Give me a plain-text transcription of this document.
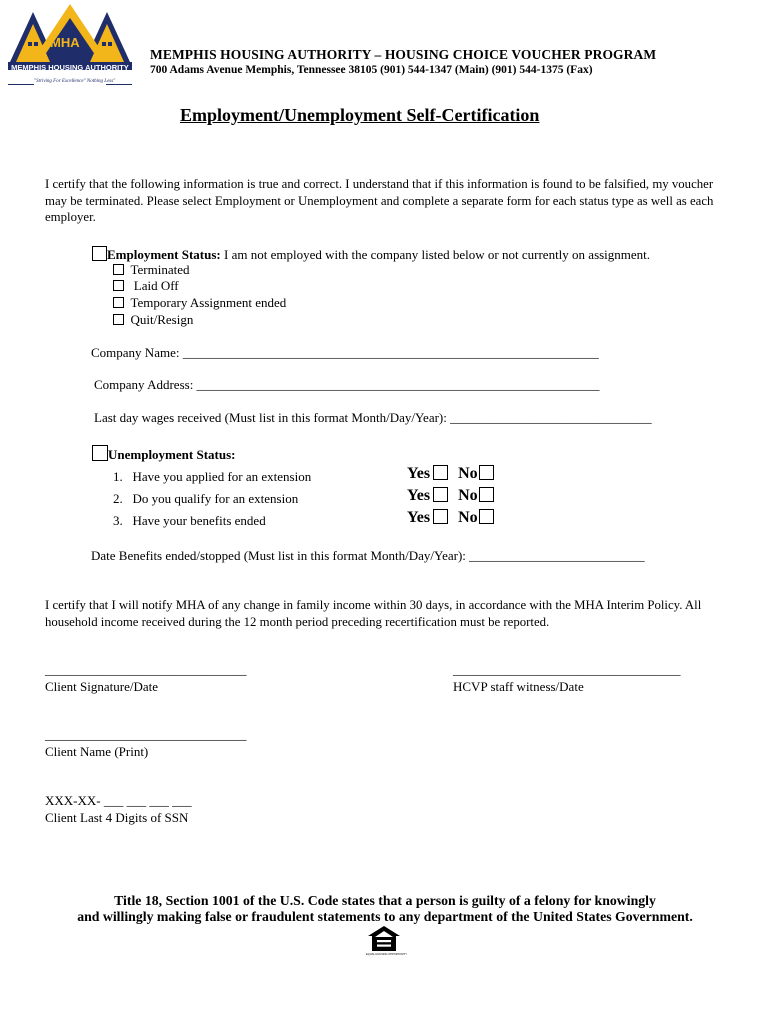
MHA
MEMPHIS HOUSING AUTHORITY
"Striving For Excellence" Nothing Less"
MEMPHIS HOUSING AUTHORITY – HOUSING CHOICE VOUCHER PROGRAM
700 Adams Avenue Memphis, Tennessee 38105 (901) 544-1347 (Main) (901) 544-1375 (Fax)
Employment/Unemployment Self-Certification
I certify that the following information is true and correct. I understand that if this information is found to be falsified, my voucher may be terminated. Please select Employment or Unemployment and complete a separate form for each status type as well as each employer.
Employment Status: I am not employed with the company listed below or not currently on assignment.
Terminated
Laid Off
Temporary Assignment ended
Quit/Resign
Company Name: ________________________________________________________________
Company Address: ______________________________________________________________
Last day wages received (Must list in this format Month/Day/Year): _______________________________
Unemployment Status:
1. Have you applied for an extension
2. Do you qualify for an extension
3. Have your benefits ended
Yes No
Yes No
Yes No
Date Benefits ended/stopped (Must list in this format Month/Day/Year): ___________________________
I certify that I will notify MHA of any change in family income within 30 days, in accordance with the MHA Interim Policy. All household income received during the 12 month period preceding recertification must be reported.
_______________________________
Client Signature/Date
___________________________________
HCVP staff witness/Date
_______________________________
Client Name (Print)
XXX-XX- ___ ___ ___ ___
Client Last 4 Digits of SSN
Title 18, Section 1001 of the U.S. Code states that a person is guilty of a felony for knowingly
and willingly making false or fraudulent statements to any department of the United States Government.
EQUAL HOUSING OPPORTUNITY
